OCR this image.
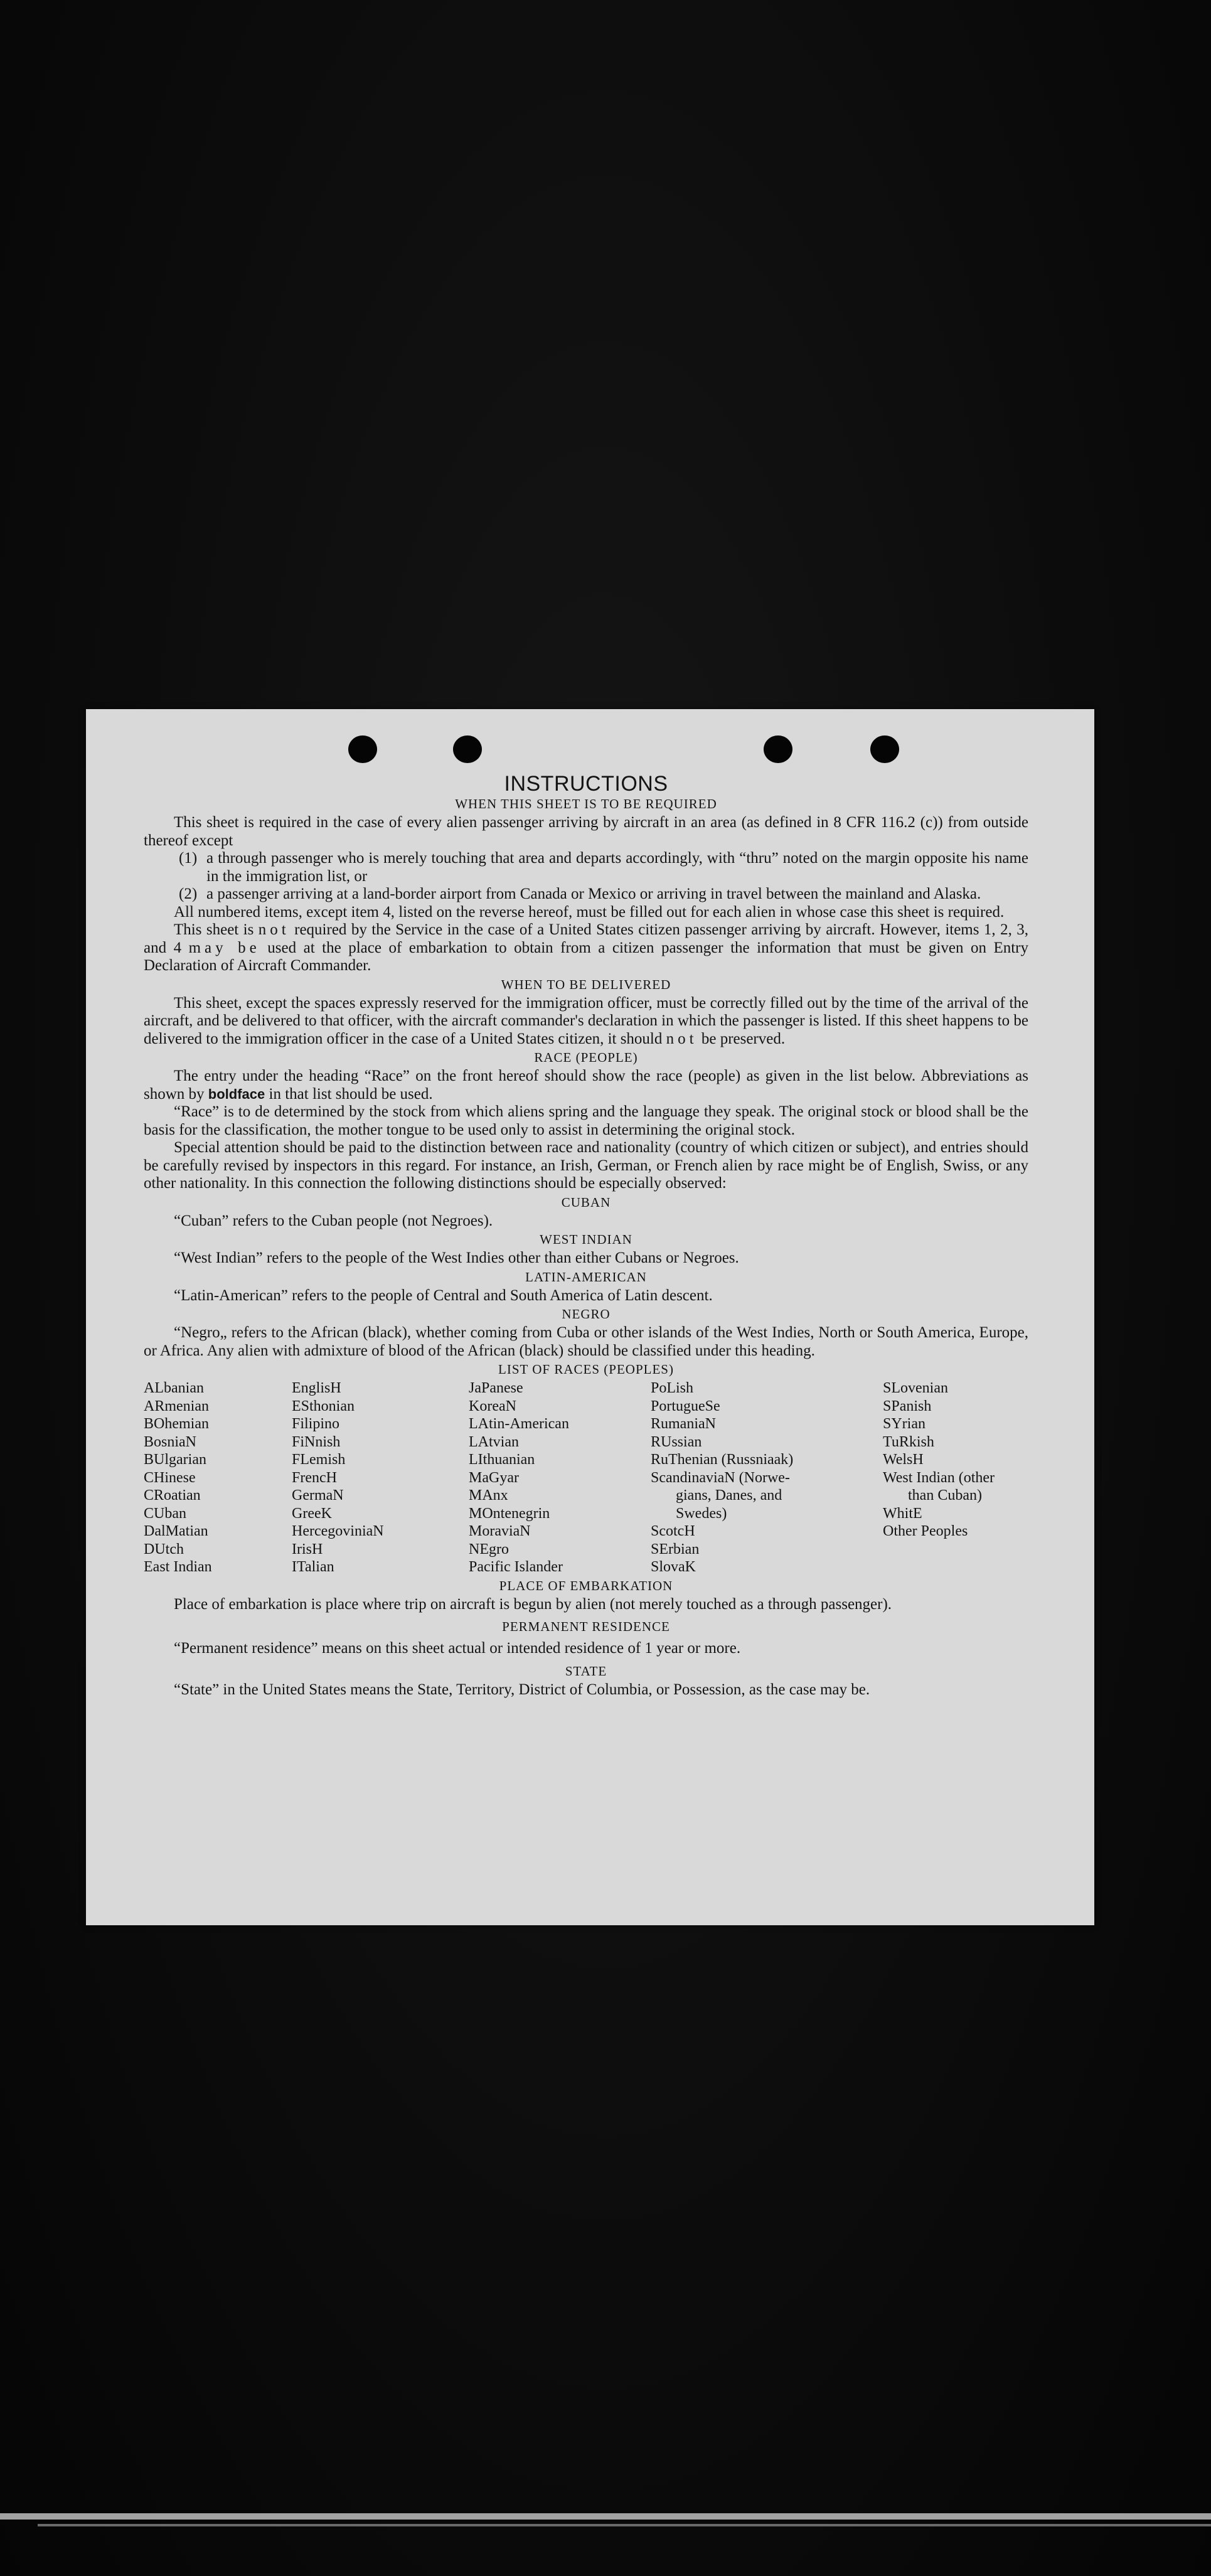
INSTRUCTIONS
WHEN THIS SHEET IS TO BE REQUIRED

This sheet is required in the case of every alien passenger arriving by aircraft in an area (as defined in 8 CFR 116.2 (c)) from outside thereof except

(1) a through passenger who is merely touching that area and departs accordingly, with “thru” noted on the margin opposite his name in the immigration list, or
(2) a passenger arriving at a land-border airport from Canada or Mexico or arriving in travel between the mainland and Alaska.

All numbered items, except item 4, listed on the reverse hereof, must be filled out for each alien in whose case this sheet is required.

This sheet is not required by the Service in the case of a United States citizen passenger arriving by aircraft. However, items 1, 2, 3, and 4 may be used at the place of embarkation to obtain from a citizen passenger the information that must be given on Entry Declaration of Aircraft Commander.

WHEN TO BE DELIVERED

This sheet, except the spaces expressly reserved for the immigration officer, must be correctly filled out by the time of the arrival of the aircraft, and be delivered to that officer, with the aircraft commander's declaration in which the passenger is listed. If this sheet happens to be delivered to the immigration officer in the case of a United States citizen, it should not be preserved.

RACE (PEOPLE)

The entry under the heading “Race” on the front hereof should show the race (people) as given in the list below. Abbreviations as shown by boldface in that list should be used.

“Race” is to de determined by the stock from which aliens spring and the language they speak. The original stock or blood shall be the basis for the classification, the mother tongue to be used only to assist in determining the original stock.

Special attention should be paid to the distinction between race and nationality (country of which citizen or subject), and entries should be carefully revised by inspectors in this regard. For instance, an Irish, German, or French alien by race might be of English, Swiss, or any other nationality. In this connection the following distinctions should be especially observed:

CUBAN

“Cuban” refers to the Cuban people (not Negroes).

WEST INDIAN

“West Indian” refers to the people of the West Indies other than either Cubans or Negroes.

LATIN-AMERICAN

“Latin-American” refers to the people of Central and South America of Latin descent.

NEGRO

“Negro„ refers to the African (black), whether coming from Cuba or other islands of the West Indies, North or South America, Europe, or Africa. Any alien with admixture of blood of the African (black) should be classified under this heading.

LIST OF RACES (PEOPLES)
ALbanian
ARmenian
BOhemian
BosniaN
BUlgarian
CHinese
CRoatian
CUban
DalMatian
DUtch
East Indian
EnglisH
ESthonian
Filipino
FiNnish
FLemish
FrencH
GermaN
GreeK
HercegoviniaN
IrisH
ITalian
JaPanese
KoreaN
LAtin-American
LAtvian
LIthuanian
MaGyar
MAnx
MOntenegrin
MoraviaN
NEgro
Pacific Islander
PoLish
PortugueSe
RumaniaN
RUssian
RuThenian (Russniaak)
ScandinaviaN (Norwe-
gians, Danes, and
Swedes)
ScotcH
SErbian
SlovaK
SLovenian
SPanish
SYrian
TuRkish
WelsH
West Indian (other
than Cuban)
WhitE
Other Peoples
PLACE OF EMBARKATION

Place of embarkation is place where trip on aircraft is begun by alien (not merely touched as a through passenger).

PERMANENT RESIDENCE

“Permanent residence” means on this sheet actual or intended residence of 1 year or more.

STATE

“State” in the United States means the State, Territory, District of Columbia, or Possession, as the case may be.
